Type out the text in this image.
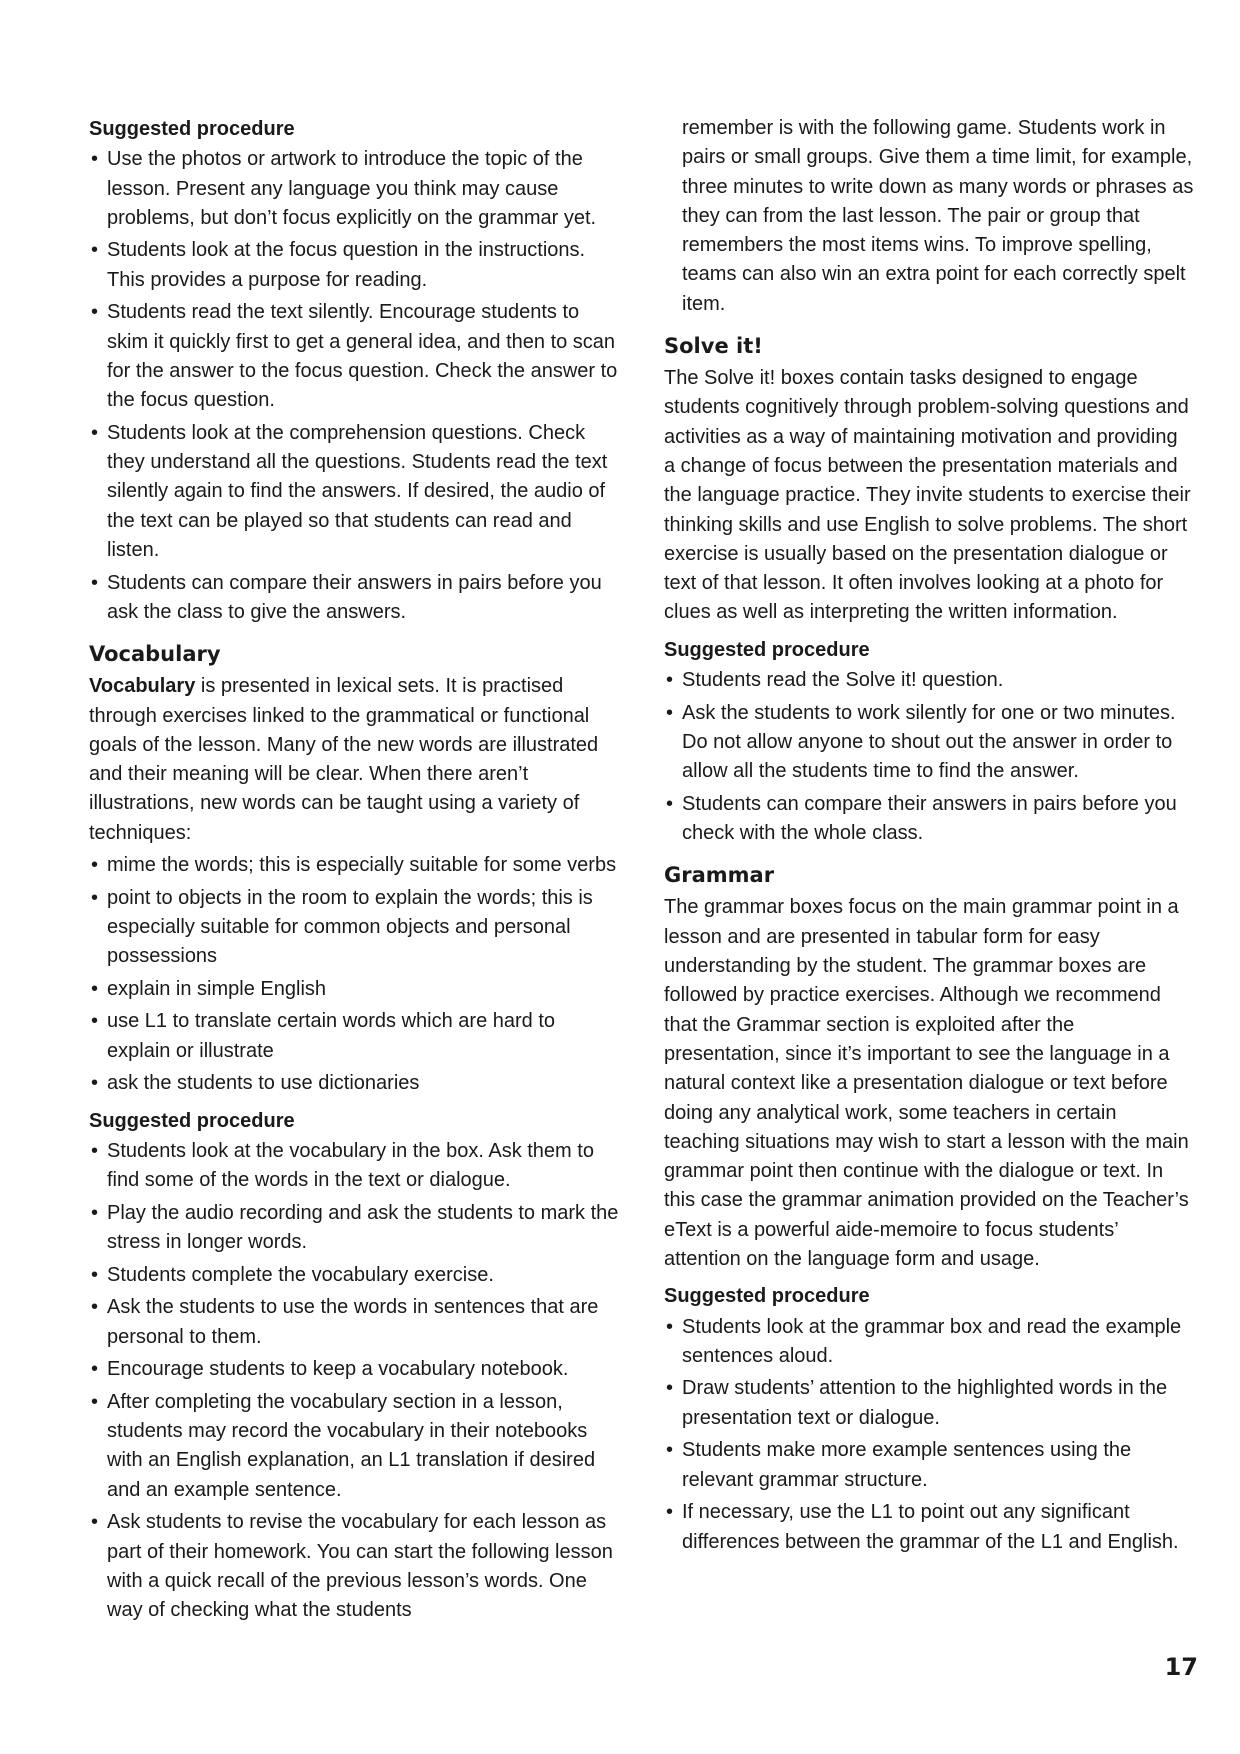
Suggested procedure

• Use the photos or artwork to introduce the topic of the lesson. Present any language you think may cause problems, but don’t focus explicitly on the grammar yet.

• Students look at the focus question in the instructions. This provides a purpose for reading.

• Students read the text silently. Encourage students to skim it quickly first to get a general idea, and then to scan for the answer to the focus question. Check the answer to the focus question.

• Students look at the comprehension questions. Check they understand all the questions. Students read the text silently again to find the answers. If desired, the audio of the text can be played so that students can read and listen.

• Students can compare their answers in pairs before you ask the class to give the answers.

Vocabulary

Vocabulary is presented in lexical sets. It is practised through exercises linked to the grammatical or functional goals of the lesson. Many of the new words are illustrated and their meaning will be clear. When there aren’t illustrations, new words can be taught using a variety of techniques:

• mime the words; this is especially suitable for some verbs

• point to objects in the room to explain the words; this is especially suitable for common objects and personal possessions

• explain in simple English

• use L1 to translate certain words which are hard to explain or illustrate

• ask the students to use dictionaries

Suggested procedure

• Students look at the vocabulary in the box. Ask them to find some of the words in the text or dialogue.

• Play the audio recording and ask the students to mark the stress in longer words.

• Students complete the vocabulary exercise.

• Ask the students to use the words in sentences that are personal to them.

• Encourage students to keep a vocabulary notebook.

• After completing the vocabulary section in a lesson, students may record the vocabulary in their notebooks with an English explanation, an L1 translation if desired and an example sentence.

• Ask students to revise the vocabulary for each lesson as part of their homework. You can start the following lesson with a quick recall of the previous lesson’s words. One way of checking what the students

remember is with the following game. Students work in pairs or small groups. Give them a time limit, for example, three minutes to write down as many words or phrases as they can from the last lesson. The pair or group that remembers the most items wins. To improve spelling, teams can also win an extra point for each correctly spelt item.

Solve it!

The Solve it! boxes contain tasks designed to engage students cognitively through problem-solving questions and activities as a way of maintaining motivation and providing a change of focus between the presentation materials and the language practice. They invite students to exercise their thinking skills and use English to solve problems. The short exercise is usually based on the presentation dialogue or text of that lesson. It often involves looking at a photo for clues as well as interpreting the written information.

Suggested procedure

• Students read the Solve it! question.

• Ask the students to work silently for one or two minutes. Do not allow anyone to shout out the answer in order to allow all the students time to find the answer.

• Students can compare their answers in pairs before you check with the whole class.

Grammar

The grammar boxes focus on the main grammar point in a lesson and are presented in tabular form for easy understanding by the student. The grammar boxes are followed by practice exercises. Although we recommend that the Grammar section is exploited after the presentation, since it’s important to see the language in a natural context like a presentation dialogue or text before doing any analytical work, some teachers in certain teaching situations may wish to start a lesson with the main grammar point then continue with the dialogue or text. In this case the grammar animation provided on the Teacher’s eText is a powerful aide-memoire to focus students’ attention on the language form and usage.

Suggested procedure

• Students look at the grammar box and read the example sentences aloud.

• Draw students’ attention to the highlighted words in the presentation text or dialogue.

• Students make more example sentences using the relevant grammar structure.

• If necessary, use the L1 to point out any significant differences between the grammar of the L1 and English.

17
